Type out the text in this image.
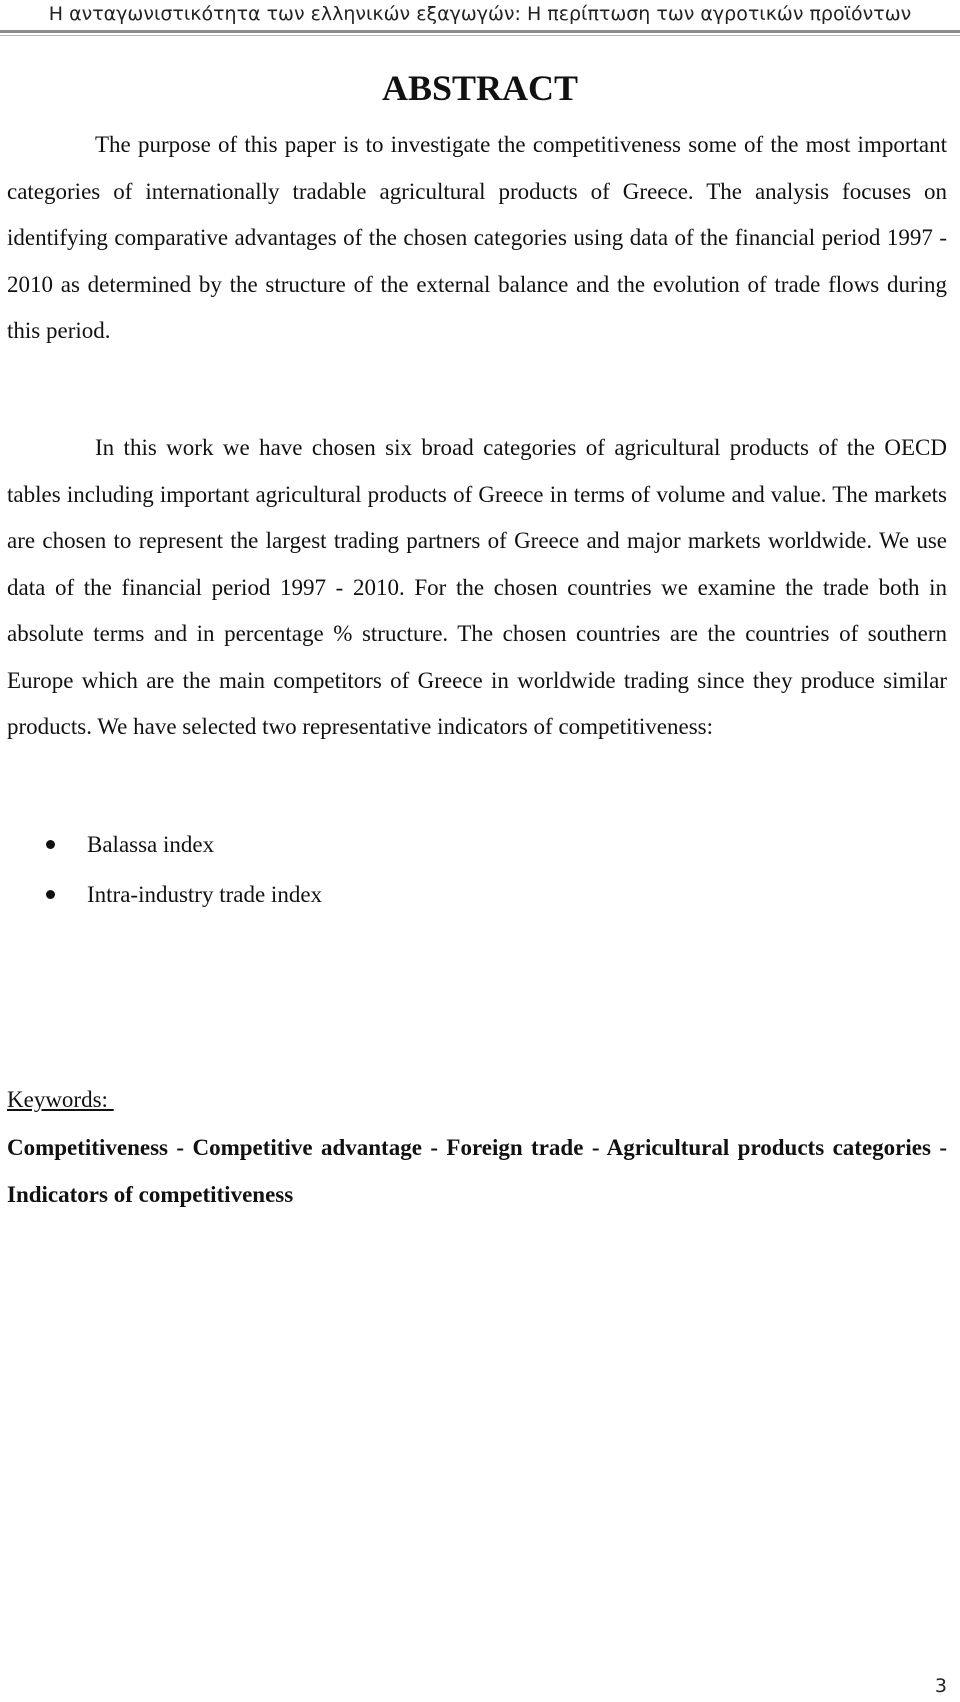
Η ανταγωνιστικότητα των ελληνικών εξαγωγών: Η περίπτωση των αγροτικών προϊόντων
ABSTRACT

The purpose of this paper is to investigate the competitiveness some of the most important categories of internationally tradable agricultural products of Greece. The analysis focuses on identifying comparative advantages of the chosen categories using data of the financial period 1997 - 2010 as determined by the structure of the external balance and the evolution of trade flows during this period.

In this work we have chosen six broad categories of agricultural products of the OECD tables including important agricultural products of Greece in terms of volume and value. The markets are chosen to represent the largest trading partners of Greece and major markets worldwide. We use data of the financial period 1997 - 2010. For the chosen countries we examine the trade both in absolute terms and in percentage % structure. The chosen countries are the countries of southern Europe which are the main competitors of Greece in worldwide trading since they produce similar products. We have selected two representative indicators of competitiveness:

Balassa index
Intra-industry trade index
Keywords:

Competitiveness - Competitive advantage - Foreign trade - Agricultural products categories - Indicators of competitiveness

3
